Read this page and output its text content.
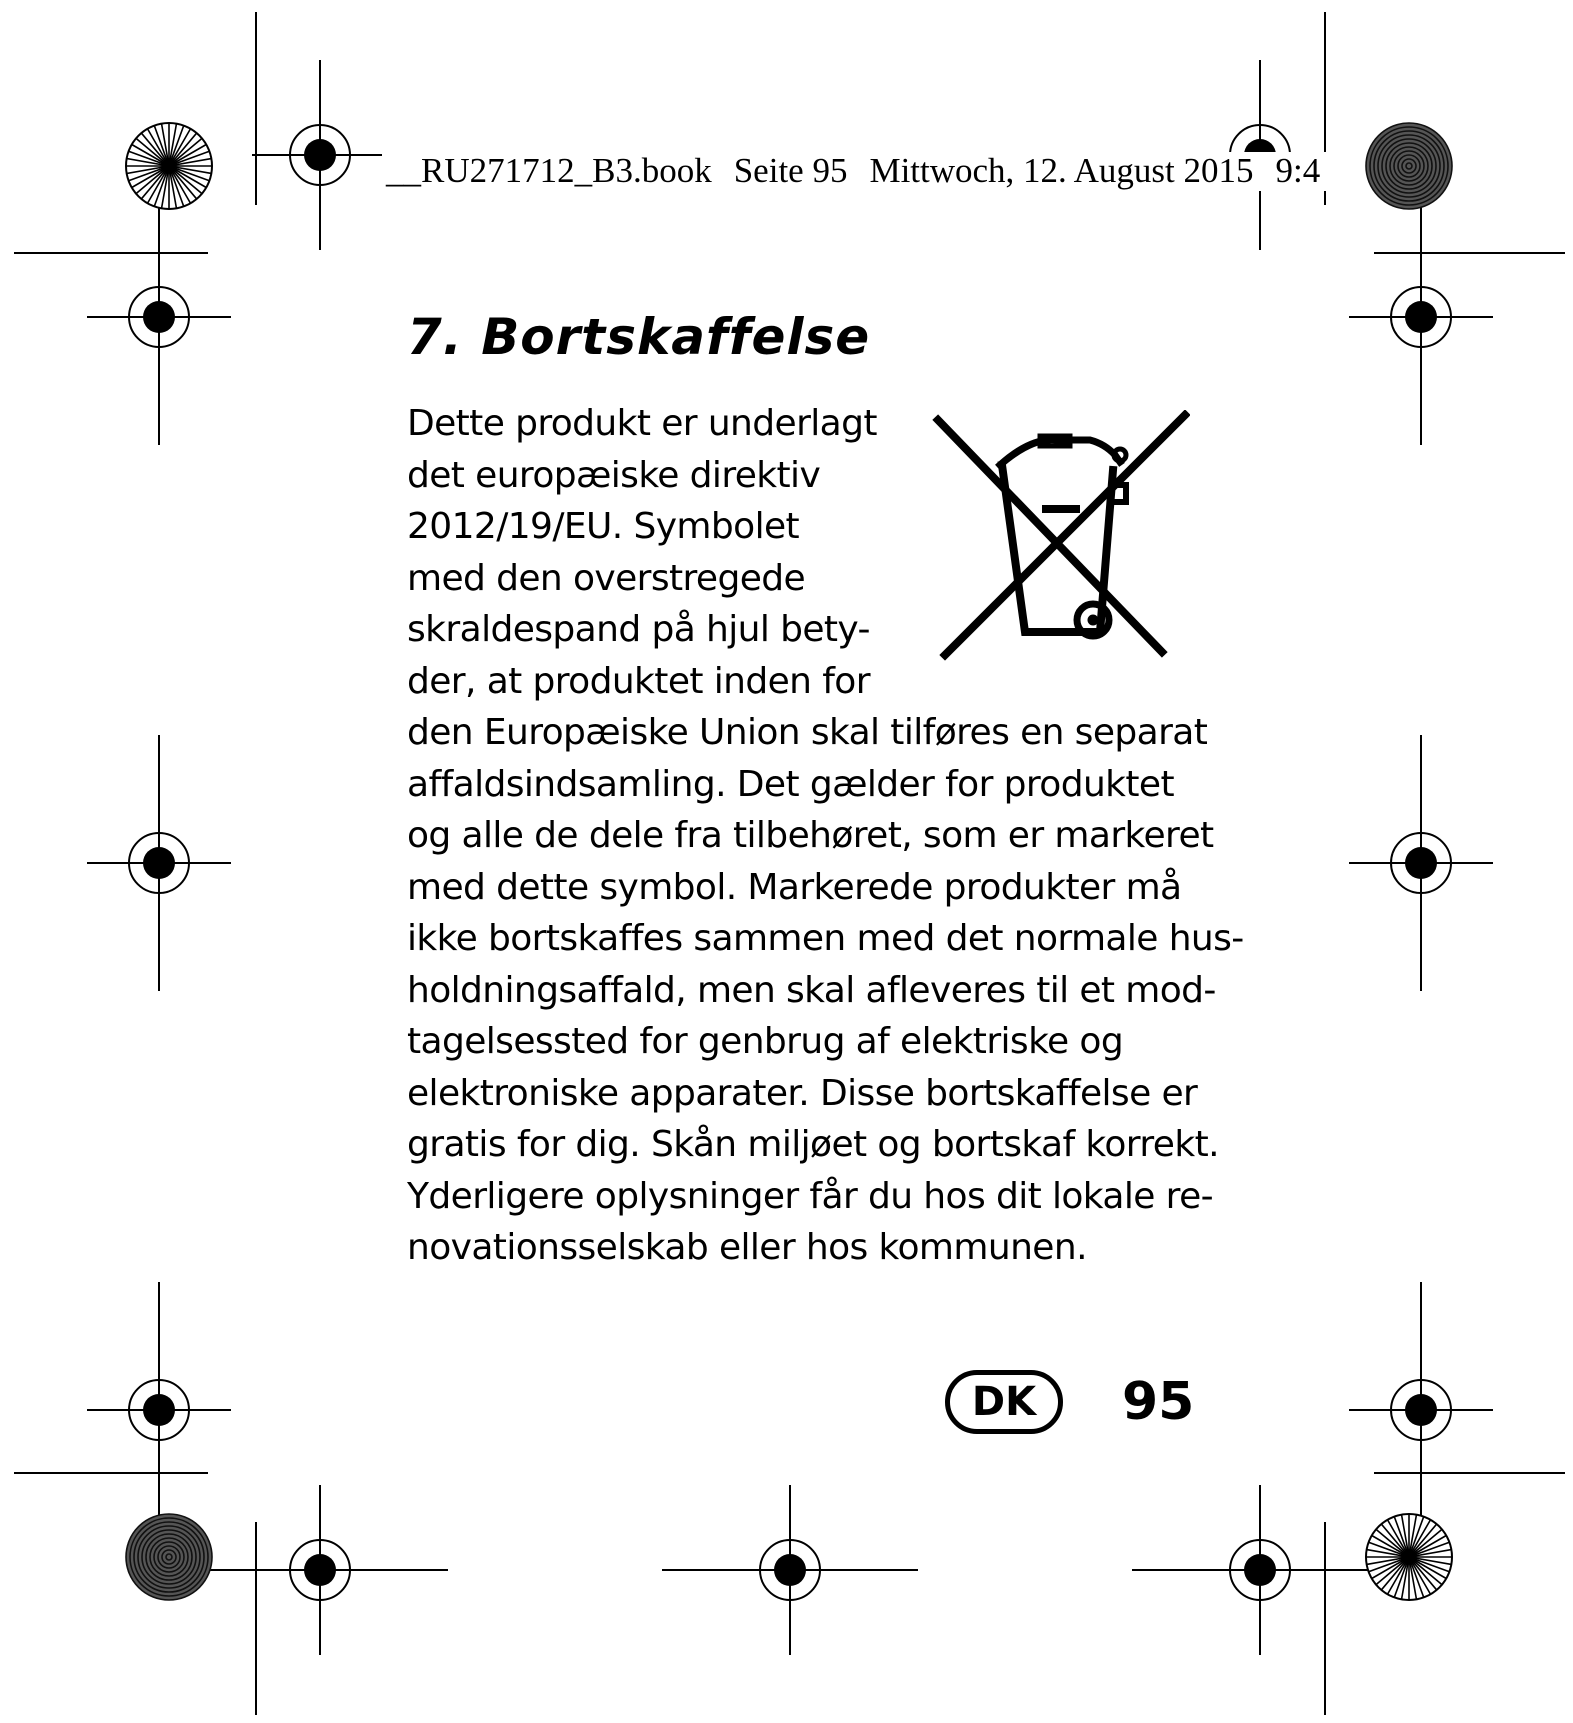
__RU271712_B3.book Seite 95 Mittwoch, 12. August 2015 9:4
7. Bortskaffelse
Dette produkt er underlagt
det europæiske direktiv
2012/19/EU. Symbolet
med den overstregede
skraldespand på hjul bety-
der, at produktet inden for
den Europæiske Union skal tilføres en separat
affaldsindsamling. Det gælder for produktet
og alle de dele fra tilbehøret, som er markeret
med dette symbol. Markerede produkter må
ikke bortskaffes sammen med det normale hus-
holdningsaffald, men skal afleveres til et mod-
tagelsessted for genbrug af elektriske og
elektroniske apparater. Disse bortskaffelse er
gratis for dig. Skån miljøet og bortskaf korrekt.
Yderligere oplysninger får du hos dit lokale re-
novationsselskab eller hos kommunen.
DK	95
